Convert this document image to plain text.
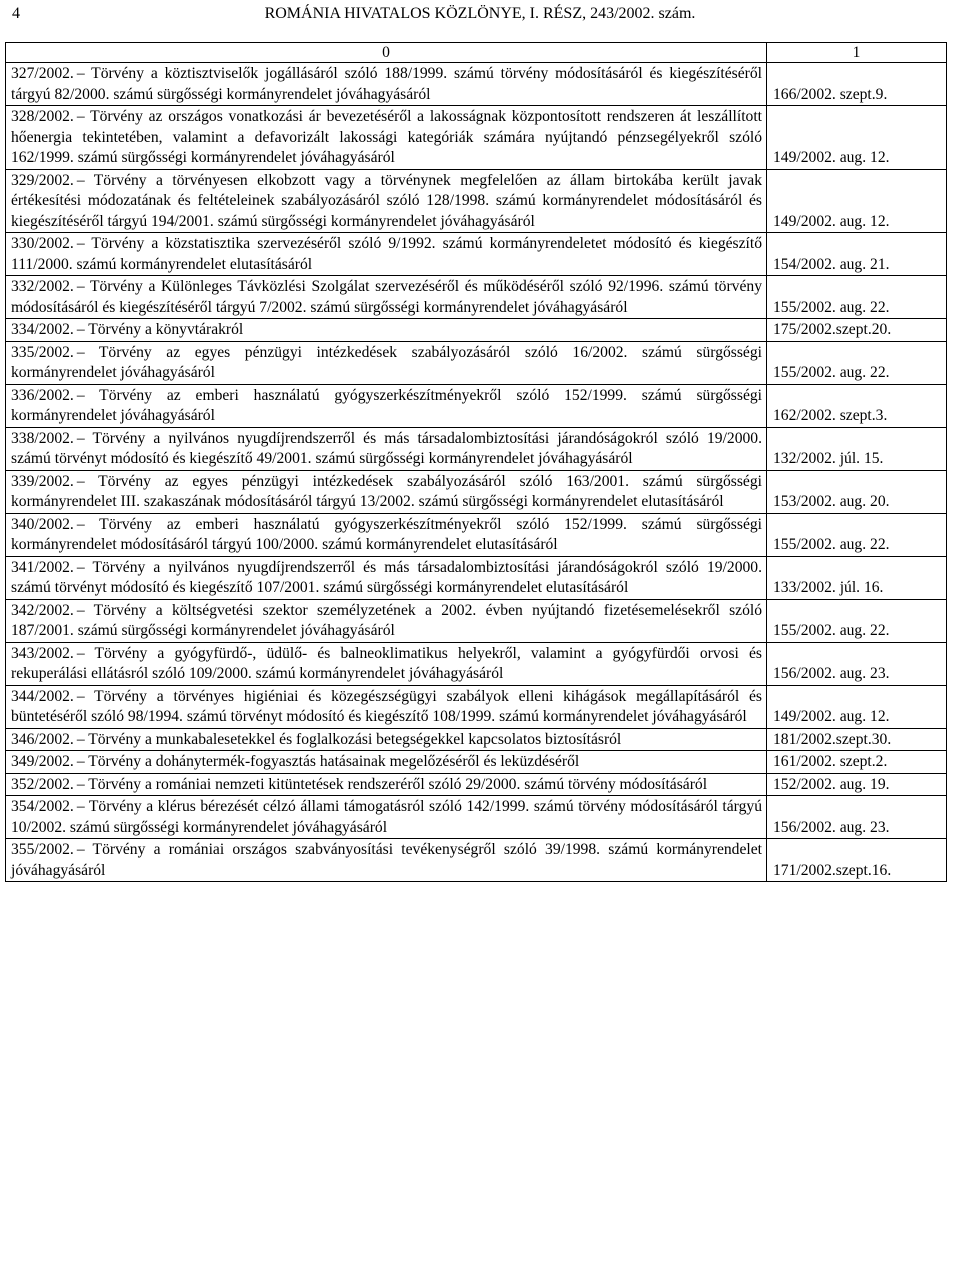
4	ROMÁNIA HIVATALOS KÖZLÖNYE, I. RÉSZ, 243/2002. szám.
0	1
327/2002. – Törvény a köztisztviselők jogállásáról szóló 188/1999. számú törvény módosításáról és kiegészítéséről tárgyú 82/2000. számú sürgősségi kormányrendelet jóváhagyásáról	166/2002. szept.9.
328/2002. – Törvény az országos vonatkozási ár bevezetéséről a lakosságnak központosított rendszeren át leszállított hőenergia tekintetében, valamint a defavorizált lakossági kategóriák számára nyújtandó pénzsegélyekről szóló 162/1999. számú sürgősségi kormányrendelet jóváhagyásáról	149/2002. aug. 12.
329/2002. – Törvény a törvényesen elkobzott vagy a törvénynek megfelelően az állam birtokába került javak értékesítési módozatának és feltételeinek szabályozásáról szóló 128/1998. számú kormányrendelet módosításáról és kiegészítéséről tárgyú 194/2001. számú sürgősségi kormányrendelet jóváhagyásáról	149/2002. aug. 12.
330/2002. – Törvény a közstatisztika szervezéséről szóló 9/1992. számú kormányrendeletet módosító és kiegészítő 111/2000. számú kormányrendelet elutasításáról	154/2002. aug. 21.
332/2002. – Törvény a Különleges Távközlési Szolgálat szervezéséről és működéséről szóló 92/1996. számú törvény módosításáról és kiegészítéséről tárgyú 7/2002. számú sürgősségi kormányrendelet jóváhagyásáról	155/2002. aug. 22.
334/2002. – Törvény a könyvtárakról	175/2002.szept.20.
335/2002. – Törvény az egyes pénzügyi intézkedések szabályozásáról szóló 16/2002. számú sürgősségi kormányrendelet jóváhagyásáról	155/2002. aug. 22.
336/2002. – Törvény az emberi használatú gyógyszerkészítményekről szóló 152/1999. számú sürgősségi kormányrendelet jóváhagyásáról	162/2002. szept.3.
338/2002. – Törvény a nyilvános nyugdíjrendszerről és más társadalombiztosítási járandóságokról szóló 19/2000. számú törvényt módosító és kiegészítő 49/2001. számú sürgősségi kormányrendelet jóváhagyásáról	132/2002. júl. 15.
339/2002. – Törvény az egyes pénzügyi intézkedések szabályozásáról szóló 163/2001. számú sürgősségi kormányrendelet III. szakaszának módosításáról tárgyú 13/2002. számú sürgősségi kormányrendelet elutasításáról	153/2002. aug. 20.
340/2002. – Törvény az emberi használatú gyógyszerkészítményekről szóló 152/1999. számú sürgősségi kormányrendelet módosításáról tárgyú 100/2000. számú kormányrendelet elutasításáról	155/2002. aug. 22.
341/2002. – Törvény a nyilvános nyugdíjrendszerről és más társadalombiztosítási járandóságokról szóló 19/2000. számú törvényt módosító és kiegészítő 107/2001. számú sürgősségi kormányrendelet elutasításáról	133/2002. júl. 16.
342/2002. – Törvény a költségvetési szektor személyzetének a 2002. évben nyújtandó fizetésemelésekről szóló 187/2001. számú sürgősségi kormányrendelet jóváhagyásáról	155/2002. aug. 22.
343/2002. – Törvény a gyógyfürdő-, üdülő- és balneoklimatikus helyekről, valamint a gyógyfürdői orvosi és rekuperálási ellátásról szóló 109/2000. számú kormányrendelet jóváhagyásáról	156/2002. aug. 23.
344/2002. – Törvény a törvényes higiéniai és közegészségügyi szabályok elleni kihágások megállapításáról és büntetéséről szóló 98/1994. számú törvényt módosító és kiegészítő 108/1999. számú kormányrendelet jóváhagyásáról	149/2002. aug. 12.
346/2002. – Törvény a munkabalesetekkel és foglalkozási betegségekkel kapcsolatos biztosításról	181/2002.szept.30.
349/2002. – Törvény a dohánytermék-fogyasztás hatásainak megelőzéséről és leküzdéséről	161/2002. szept.2.
352/2002. – Törvény a romániai nemzeti kitüntetések rendszeréről szóló 29/2000. számú törvény módosításáról	152/2002. aug. 19.
354/2002. – Törvény a klérus bérezését célzó állami támogatásról szóló 142/1999. számú törvény módosításáról tárgyú 10/2002. számú sürgősségi kormányrendelet jóváhagyásáról	156/2002. aug. 23.
355/2002. – Törvény a romániai országos szabványosítási tevékenységről szóló 39/1998. számú kormányrendelet jóváhagyásáról	171/2002.szept.16.
